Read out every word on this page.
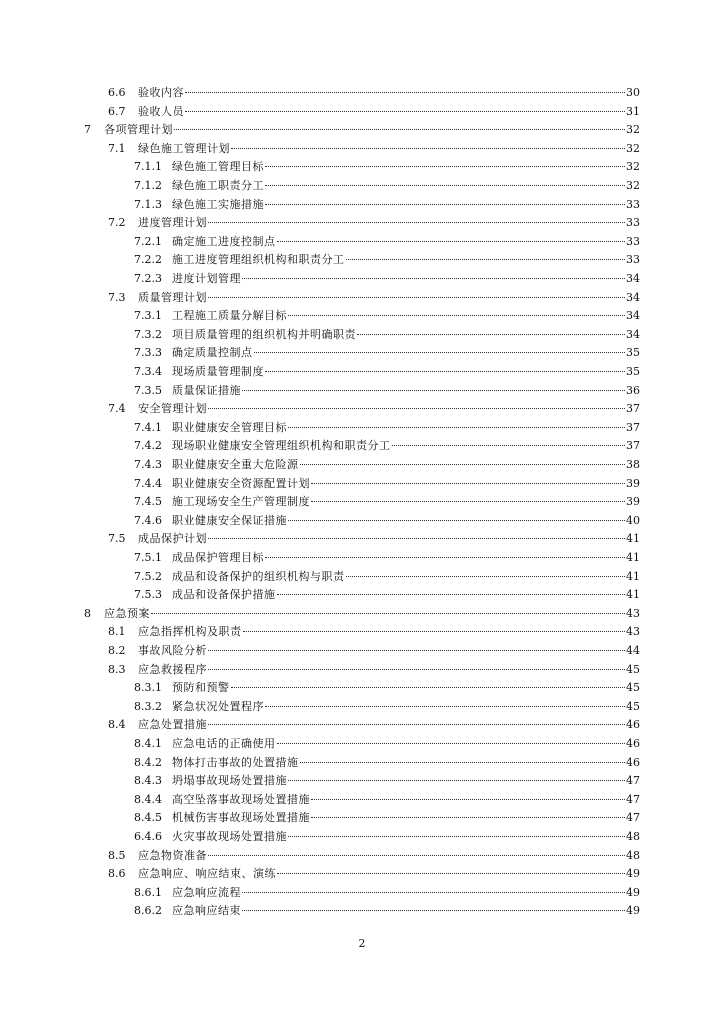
6.6	验收内容	30
6.7	验收人员	31
7	各项管理计划	32
7.1	绿色施工管理计划	32
7.1.1 绿色施工管理目标	32
7.1.2 绿色施工职责分工	32
7.1.3 绿色施工实施措施	33
7.2	进度管理计划	33
7.2.1 确定施工进度控制点	33
7.2.2 施工进度管理组织机构和职责分工	33
7.2.3 进度计划管理	34
7.3	质量管理计划	34
7.3.1 工程施工质量分解目标	34
7.3.2 项目质量管理的组织机构并明确职责	34
7.3.3 确定质量控制点	35
7.3.4 现场质量管理制度	35
7.3.5 质量保证措施	36
7.4	安全管理计划	37
7.4.1 职业健康安全管理目标	37
7.4.2 现场职业健康安全管理组织机构和职责分工	37
7.4.3 职业健康安全重大危险源	38
7.4.4 职业健康安全资源配置计划	39
7.4.5 施工现场安全生产管理制度	39
7.4.6 职业健康安全保证措施	40
7.5	成品保护计划	41
7.5.1 成品保护管理目标	41
7.5.2 成品和设备保护的组织机构与职责	41
7.5.3 成品和设备保护措施	41
8	应急预案	43
8.1	应急指挥机构及职责	43
8.2	事故风险分析	44
8.3	应急救援程序	45
8.3.1 预防和预警	45
8.3.2 紧急状况处置程序	45
8.4	应急处置措施	46
8.4.1 应急电话的正确使用	46
8.4.2 物体打击事故的处置措施	46
8.4.3 坍塌事故现场处置措施	47
8.4.4 高空坠落事故现场处置措施	47
8.4.5 机械伤害事故现场处置措施	47
6.4.6 火灾事故现场处置措施	48
8.5	应急物资准备	48
8.6	应急响应、响应结束、演练	49
8.6.1 应急响应流程	49
8.6.2 应急响应结束	49
2
